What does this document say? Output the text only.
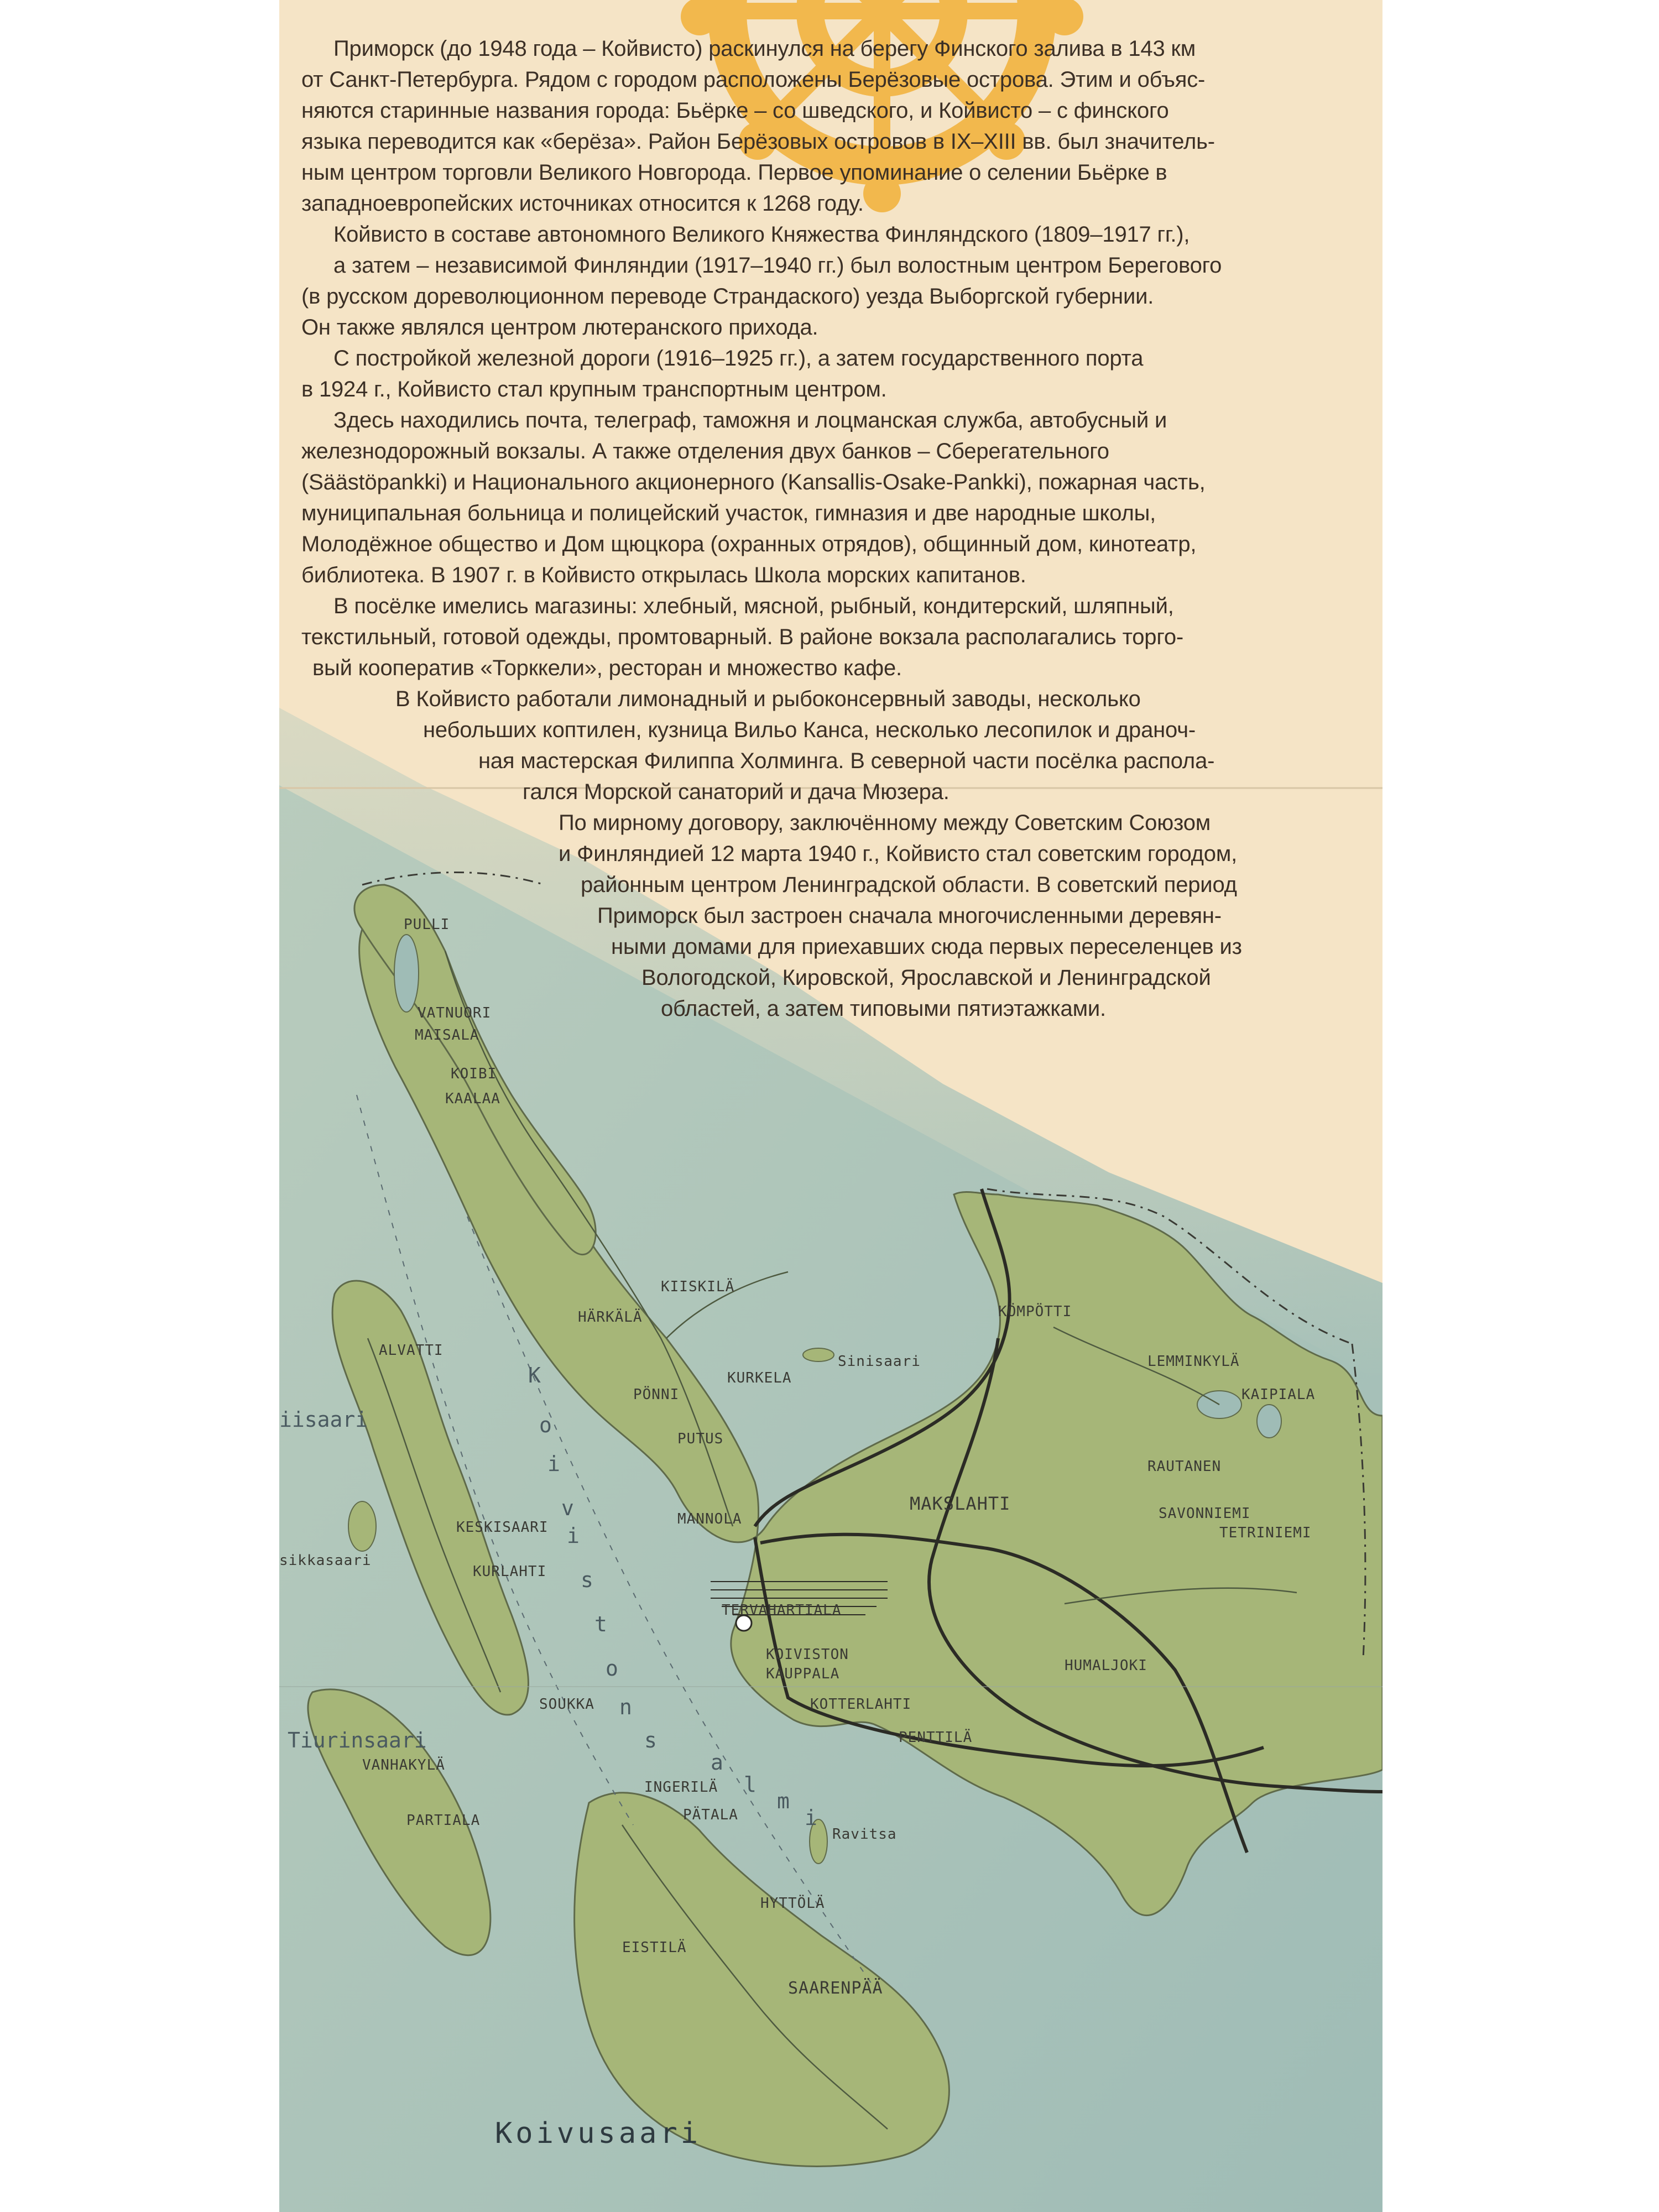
PULLI
VATNUORI
MAISALA
KOIBI
KAALAA
KIISKILÄ
HÄRKÄLÄ
ALVATTI
KURKELA
Sinisaari
PÖNNI
PUTUS
MANNOLA
KESKISAARI
KURLAHTI
TERVAHARTIALA
KOIVISTON
KAUPPALA
SOUKKA	KOTTERLAHTI
PENTTILÄ
KÖMPÖTTI
LEMMINKYLÄ
KAIPIALA
RAUTANEN
SAVONNIEMI
TETRINIEMI
MAKSLAHTI
HUMALJOKI
VANHAKYLÄ
PARTIALA
INGERILÄ
PÄTALA
Ravitsa
HYTTÖLÄ
EISTILÄ
SAARENPÄÄ
iisaari
sikkasaari
Tiurinsaari
Koivusaari
K
o
i
v
i
s
t
o
n
s
a
l
m
i
Приморск (до 1948 года – Койвисто) раскинулся на берегу Финского залива в 143 км
от Санкт-Петербурга. Рядом с городом расположены Берёзовые острова. Этим и объяс-
няются старинные названия города: Бьёрке – со шведского, и Койвисто – с финского
языка переводится как «берёза». Район Берёзовых островов в IX–XIII вв. был значитель-
ным центром торговли Великого Новгорода. Первое упоминание о селении Бьёрке в
западноевропейских источниках относится к 1268 году.
Койвисто в составе автономного Великого Княжества Финляндского (1809–1917 гг.),
а затем – независимой Финляндии (1917–1940 гг.) был волостным центром Берегового
(в русском дореволюционном переводе Страндаского) уезда Выборгской губернии.
Он также являлся центром лютеранского прихода.
С постройкой железной дороги (1916–1925 гг.), а затем государственного порта
в 1924 г., Койвисто стал крупным транспортным центром.
Здесь находились почта, телеграф, таможня и лоцманская служба, автобусный и
железнодорожный вокзалы. А также отделения двух банков – Сберегательного
(Säästöpankki) и Национального акционерного (Kansallis-Osake-Pankki), пожарная часть,
муниципальная больница и полицейский участок, гимназия и две народные школы,
Молодёжное общество и Дом щюцкора (охранных отрядов), общинный дом, кинотеатр,
библиотека. В 1907 г. в Койвисто открылась Школа морских капитанов.
В посёлке имелись магазины: хлебный, мясной, рыбный, кондитерский, шляпный,
текстильный, готовой одежды, промтоварный. В районе вокзала располагались торго-
вый кооператив «Торккели», ресторан и множество кафе.
В Койвисто работали лимонадный и рыбоконсервный заводы, несколько
небольших коптилен, кузница Вильо Канса, несколько лесопилок и драноч-
ная мастерская Филиппа Холминга. В северной части посёлка распола-
гался Морской санаторий и дача Мюзера.
По мирному договору, заключённому между Советским Союзом
и Финляндией 12 марта 1940 г., Койвисто стал советским городом,
районным центром Ленинградской области. В советский период
Приморск был застроен сначала многочисленными деревян-
ными домами для приехавших сюда первых переселенцев из
Вологодской, Кировской, Ярославской и Ленинградской
областей, а затем типовыми пятиэтажками.
